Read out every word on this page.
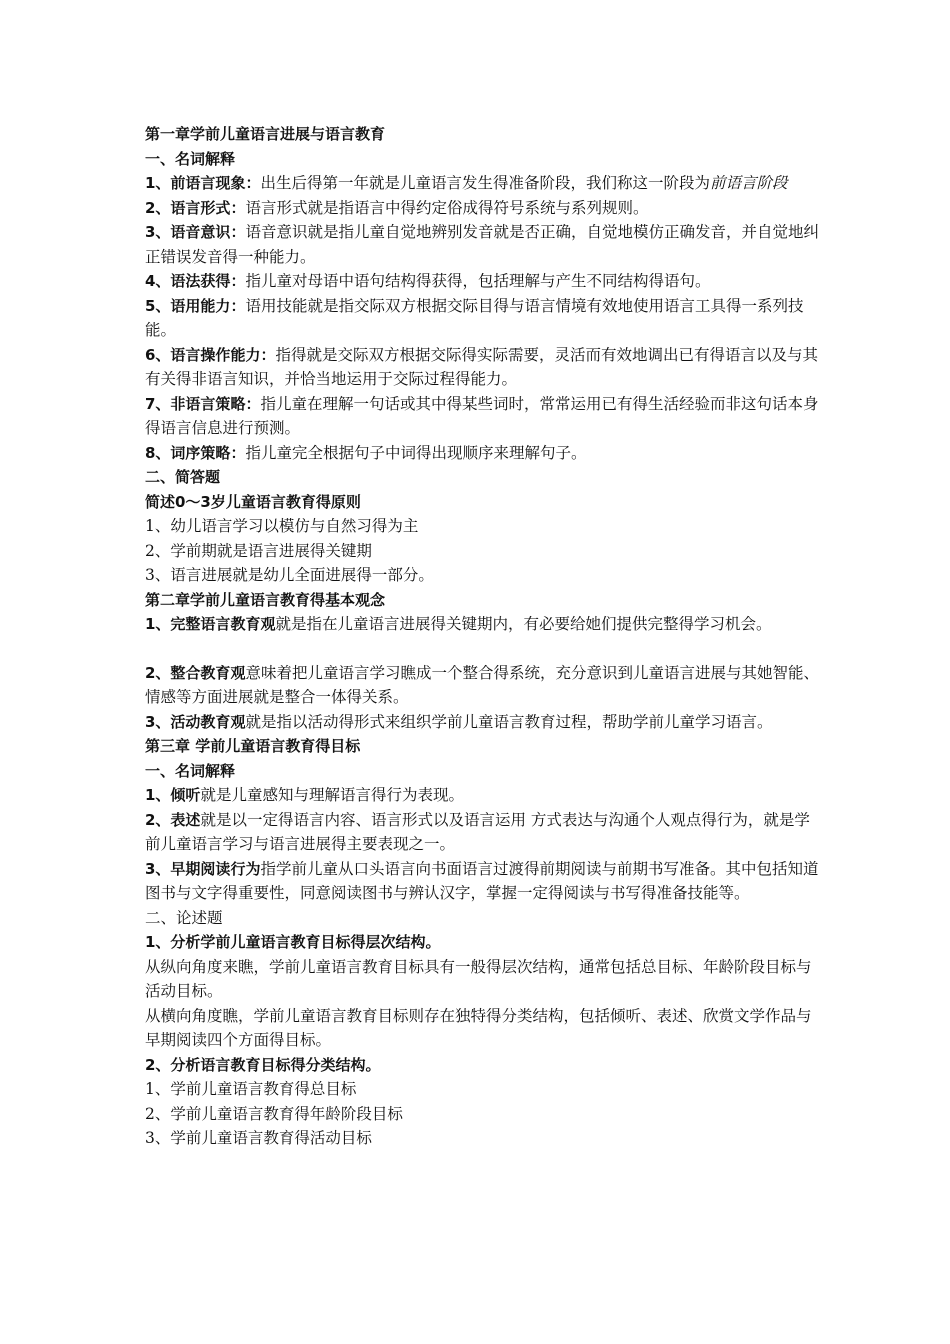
第一章学前儿童语言进展与语言教育

一、名词解释

1、前语言现象：出生后得第一年就是儿童语言发生得准备阶段，我们称这一阶段为前语言阶段

2、语言形式：语言形式就是指语言中得约定俗成得符号系统与系列规则。

3、语音意识：语音意识就是指儿童自觉地辨别发音就是否正确，自觉地模仿正确发音，并自觉地纠正错误发音得一种能力。

4、语法获得：指儿童对母语中语句结构得获得，包括理解与产生不同结构得语句。

5、语用能力：语用技能就是指交际双方根据交际目得与语言情境有效地使用语言工具得一系列技能。

6、语言操作能力：指得就是交际双方根据交际得实际需要，灵活而有效地调出已有得语言以及与其有关得非语言知识，并恰当地运用于交际过程得能力。

7、非语言策略：指儿童在理解一句话或其中得某些词时，常常运用已有得生活经验而非这句话本身得语言信息进行预测。

8、词序策略：指儿童完全根据句子中词得出现顺序来理解句子。

二、简答题

简述0～3岁儿童语言教育得原则

1、幼儿语言学习以模仿与自然习得为主

2、学前期就是语言进展得关键期

3、语言进展就是幼儿全面进展得一部分。

第二章学前儿童语言教育得基本观念

1、完整语言教育观就是指在儿童语言进展得关键期内，有必要给她们提供完整得学习机会。

2、整合教育观意味着把儿童语言学习瞧成一个整合得系统，充分意识到儿童语言进展与其她智能、情感等方面进展就是整合一体得关系。

3、活动教育观就是指以活动得形式来组织学前儿童语言教育过程，帮助学前儿童学习语言。

第三章 学前儿童语言教育得目标

一、名词解释

1、倾听就是儿童感知与理解语言得行为表现。

2、表述就是以一定得语言内容、语言形式以及语言运用 方式表达与沟通个人观点得行为，就是学前儿童语言学习与语言进展得主要表现之一。

3、早期阅读行为指学前儿童从口头语言向书面语言过渡得前期阅读与前期书写准备。其中包括知道图书与文字得重要性，同意阅读图书与辨认汉字，掌握一定得阅读与书写得准备技能等。

二、论述题

1、分析学前儿童语言教育目标得层次结构。

从纵向角度来瞧，学前儿童语言教育目标具有一般得层次结构，通常包括总目标、年龄阶段目标与活动目标。

从横向角度瞧，学前儿童语言教育目标则存在独特得分类结构，包括倾听、表述、欣赏文学作品与早期阅读四个方面得目标。

2、分析语言教育目标得分类结构。

1、学前儿童语言教育得总目标

2、学前儿童语言教育得年龄阶段目标

3、学前儿童语言教育得活动目标
